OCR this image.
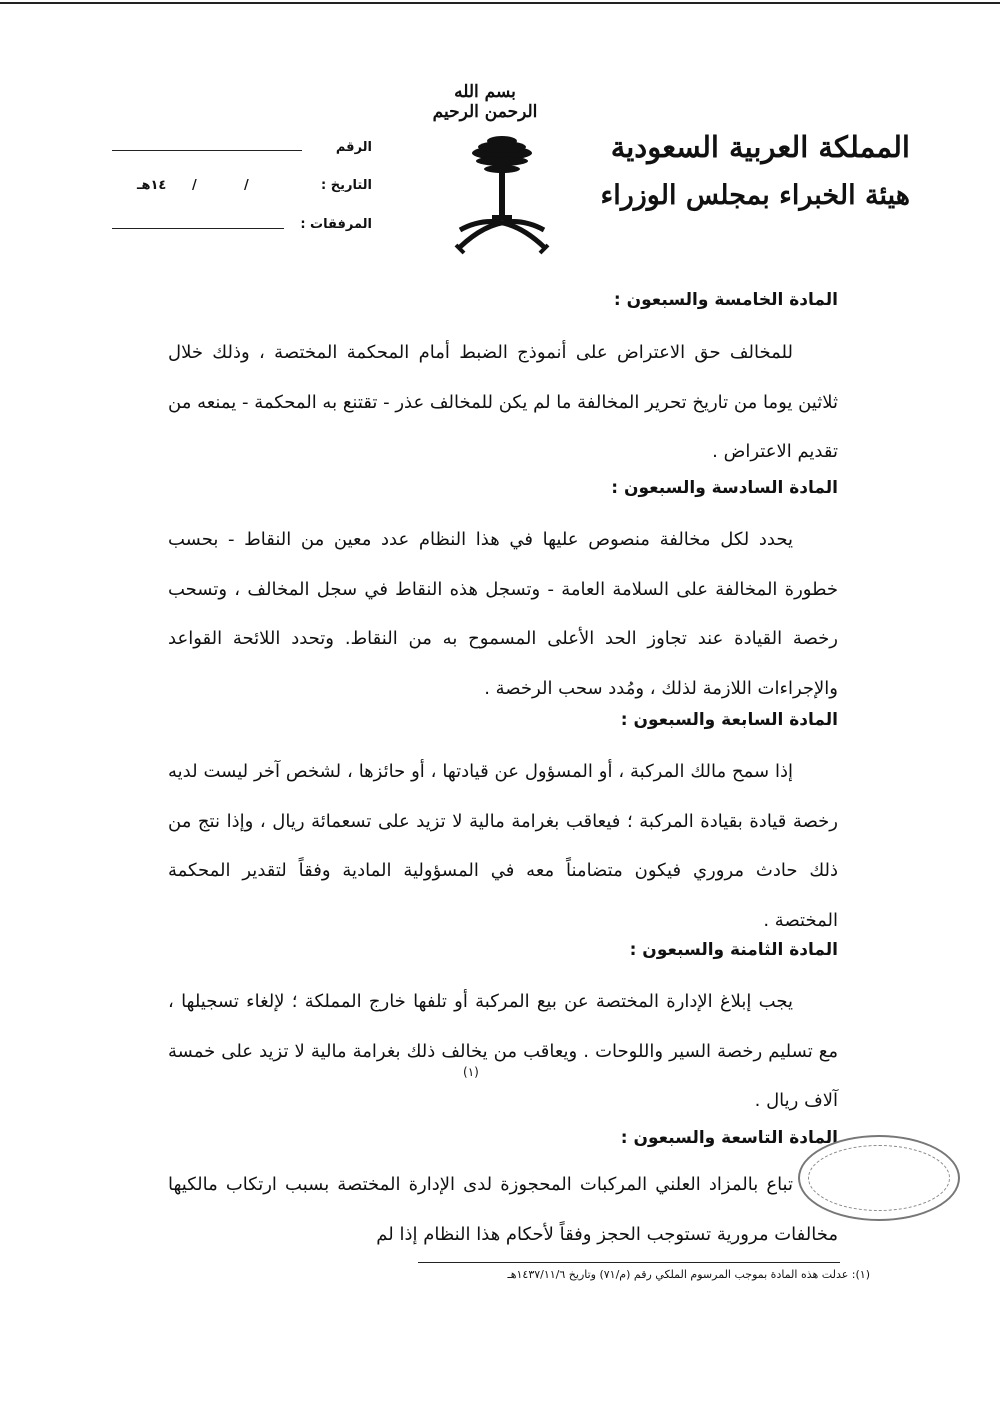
بسم الله الرحمن الرحيم
المملكة العربية السعودية
هيئة الخبراء بمجلس الوزراء
الرقم
التاريخ :
١٤هـ /	/
المرفقات :
المادة الخامسة والسبعون :
للمخالف حق الاعتراض على أنموذج الضبط أمام المحكمة المختصة ، وذلك خلال ثلاثين يوما من تاريخ تحرير المخالفة ما لم يكن للمخالف عذر - تقتنع به المحكمة - يمنعه من تقديم الاعتراض .
المادة السادسة والسبعون :
يحدد لكل مخالفة منصوص عليها في هذا النظام عدد معين من النقاط - بحسب خطورة المخالفة على السلامة العامة - وتسجل هذه النقاط في سجل المخالف ، وتسحب رخصة القيادة عند تجاوز الحد الأعلى المسموح به من النقاط. وتحدد اللائحة القواعد والإجراءات اللازمة لذلك ، ومُدد سحب الرخصة .
المادة السابعة والسبعون :
إذا سمح مالك المركبة ، أو المسؤول عن قيادتها ، أو حائزها ، لشخص آخر ليست لديه رخصة قيادة بقيادة المركبة ؛ فيعاقب بغرامة مالية لا تزيد على تسعمائة ريال ، وإذا نتج من ذلك حادث مروري فيكون متضامناً معه في المسؤولية المادية وفقاً لتقدير المحكمة المختصة .
المادة الثامنة والسبعون :
يجب إبلاغ الإدارة المختصة عن بيع المركبة أو تلفها خارج المملكة ؛ لإلغاء تسجيلها ، مع تسليم رخصة السير واللوحات . ويعاقب من يخالف ذلك بغرامة مالية لا تزيد على خمسة آلاف ريال .
(١)
المادة التاسعة والسبعون :
تباع بالمزاد العلني المركبات المحجوزة لدى الإدارة المختصة بسبب ارتكاب مالكيها مخالفات مرورية تستوجب الحجز وفقاً لأحكام هذا النظام إذا لم
(١): عدلت هذه المادة بموجب المرسوم الملكي رقم (م/٧١) وتاريخ ١٤٣٧/١١/٦هـ
